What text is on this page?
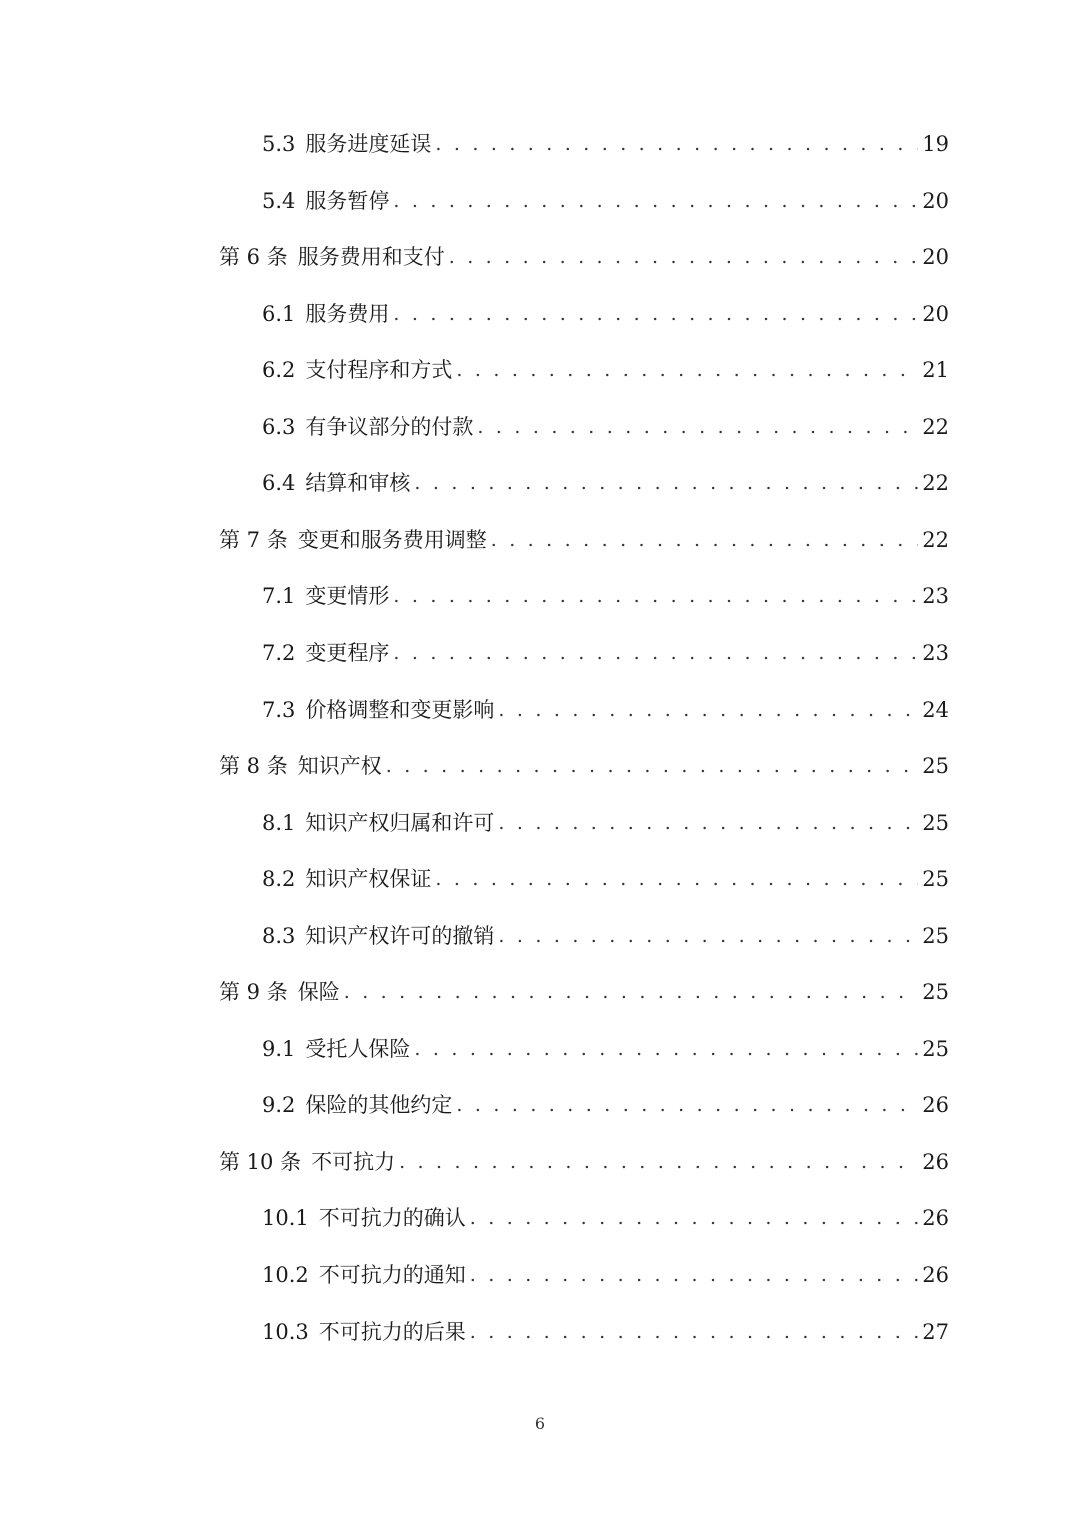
5.3 服务进度延误 . . .	19
5.4 服务暂停 . . .	20
第 6 条 服务费用和支付 . . .	20
6.1 服务费用 . . .	20
6.2 支付程序和方式 . . .	21
6.3 有争议部分的付款 . . .	22
6.4 结算和审核 . . .	22
第 7 条 变更和服务费用调整 . . .	22
7.1 变更情形 . . .	23
7.2 变更程序 . . .	23
7.3 价格调整和变更影响 . . .	24
第 8 条 知识产权 . . .	25
8.1 知识产权归属和许可 . . .	25
8.2 知识产权保证 . . .	25
8.3 知识产权许可的撤销 . . .	25
第 9 条 保险 . . .	25
9.1 受托人保险 . . .	25
9.2 保险的其他约定 . . .	26
第 10 条 不可抗力 . . .	26
10.1 不可抗力的确认 . . .	26
10.2 不可抗力的通知 . . .	26
10.3 不可抗力的后果 . . .	27
6
